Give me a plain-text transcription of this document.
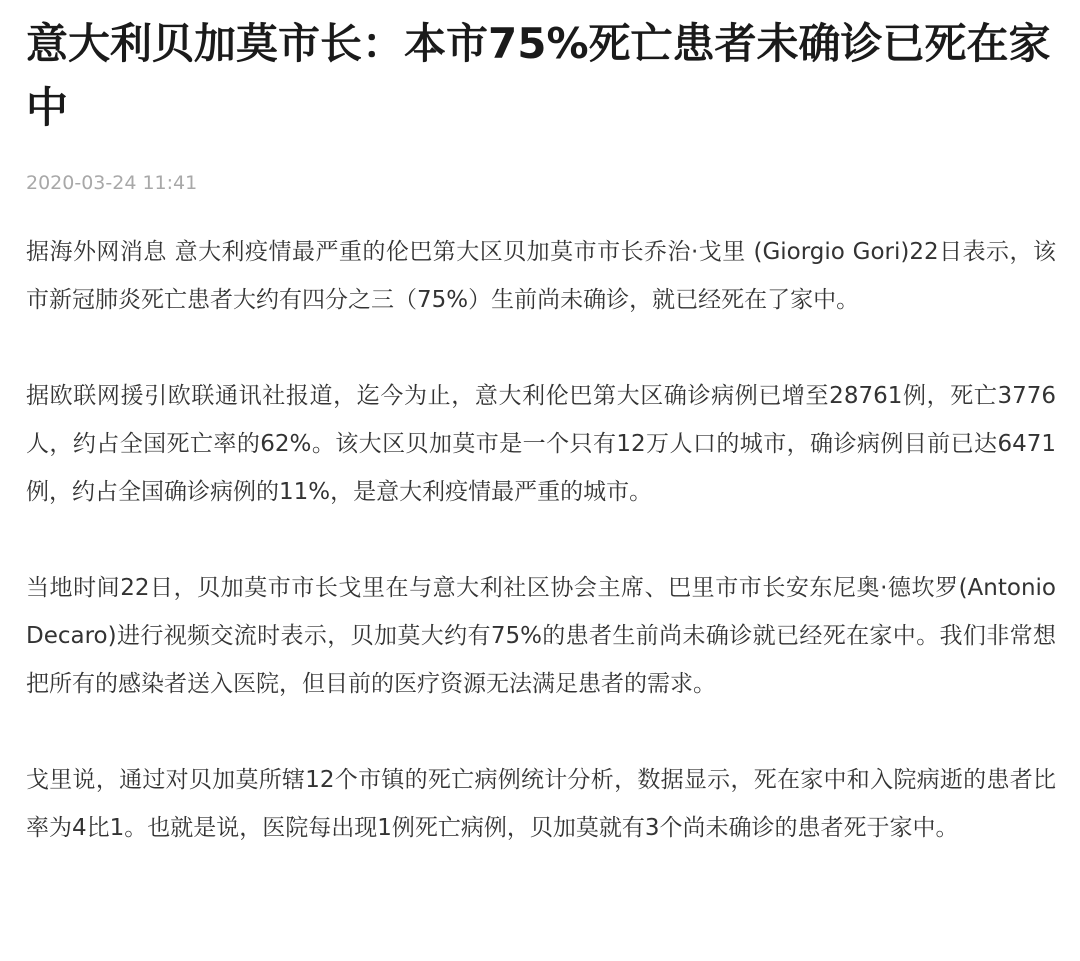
意大利贝加莫市长：本市75%死亡患者未确诊已死在家中
2020-03-24 11:41

据海外网消息 意大利疫情最严重的伦巴第大区贝加莫市市长乔治·戈里 (Giorgio Gori)22日表示，该市新冠肺炎死亡患者大约有四分之三（75%）生前尚未确诊，就已经死在了家中。

据欧联网援引欧联通讯社报道，迄今为止，意大利伦巴第大区确诊病例已增至28761例，死亡3776人，约占全国死亡率的62%。该大区贝加莫市是一个只有12万人口的城市，确诊病例目前已达6471例，约占全国确诊病例的11%，是意大利疫情最严重的城市。

当地时间22日，贝加莫市市长戈里在与意大利社区协会主席、巴里市市长安东尼奥·德坎罗(Antonio Decaro)进行视频交流时表示，贝加莫大约有75%的患者生前尚未确诊就已经死在家中。我们非常想把所有的感染者送入医院，但目前的医疗资源无法满足患者的需求。

戈里说，通过对贝加莫所辖12个市镇的死亡病例统计分析，数据显示，死在家中和入院病逝的患者比率为4比1。也就是说，医院每出现1例死亡病例，贝加莫就有3个尚未确诊的患者死于家中。
